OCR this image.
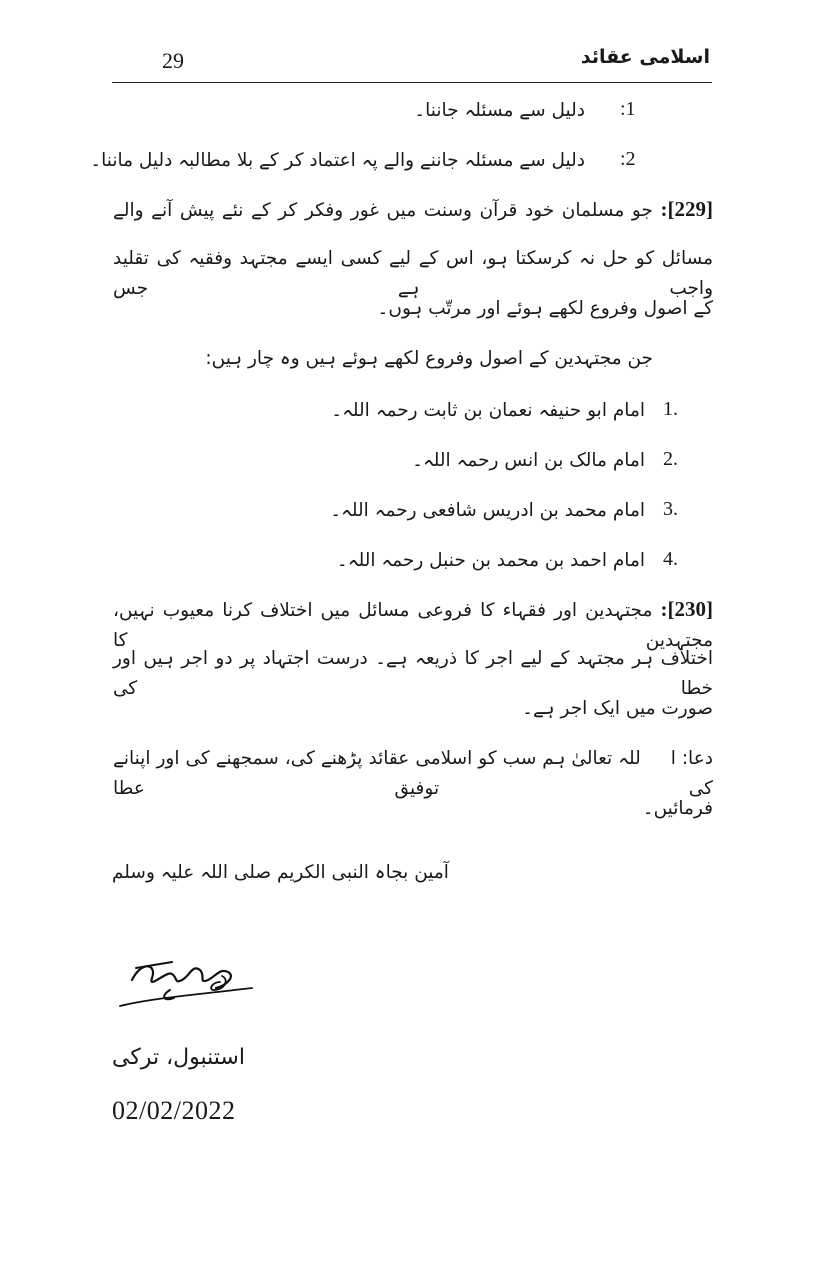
29	اسلامی عقائد
:1
دلیل سے مسئلہ جاننا۔
:2
دلیل سے مسئلہ جاننے والے پہ اعتماد کر کے بلا مطالبہ دلیل ماننا۔
[229]: جو مسلمان خود قرآن وسنت میں غور وفکر کر کے نئے پیش آنے والے
مسائل کو حل نہ کرسکتا ہو، اس کے لیے کسی ایسے مجتہد وفقیہ کی تقلید واجب ہے جس
کے اصول وفروع لکھے ہوئے اور مرتّب ہوں۔
جن مجتہدین کے اصول وفروع لکھے ہوئے ہیں وہ چار ہیں:
1.
امام ابو حنیفہ نعمان بن ثابت رحمہ اللہ۔
2.
امام مالک بن انس رحمہ اللہ۔
3.
امام محمد بن ادریس شافعی رحمہ اللہ۔
4.
امام احمد بن محمد بن حنبل رحمہ اللہ۔
[230]: مجتہدین اور فقہاء کا فروعی مسائل میں اختلاف کرنا معیوب نہیں، مجتہدین کا
اختلاف ہر مجتہد کے لیے اجر کا ذریعہ ہے۔ درست اجتہاد پر دو اجر ہیں اور خطا کی
صورت میں ایک اجر ہے۔
دعا: ا     للہ تعالیٰ ہم سب کو اسلامی عقائد پڑھنے کی، سمجھنے کی اور اپنانے کی توفیق عطا
فرمائیں۔
آمین بجاہ النبی الکریم صلی اللہ علیہ وسلم
استنبول، ترکی
02/02/2022
